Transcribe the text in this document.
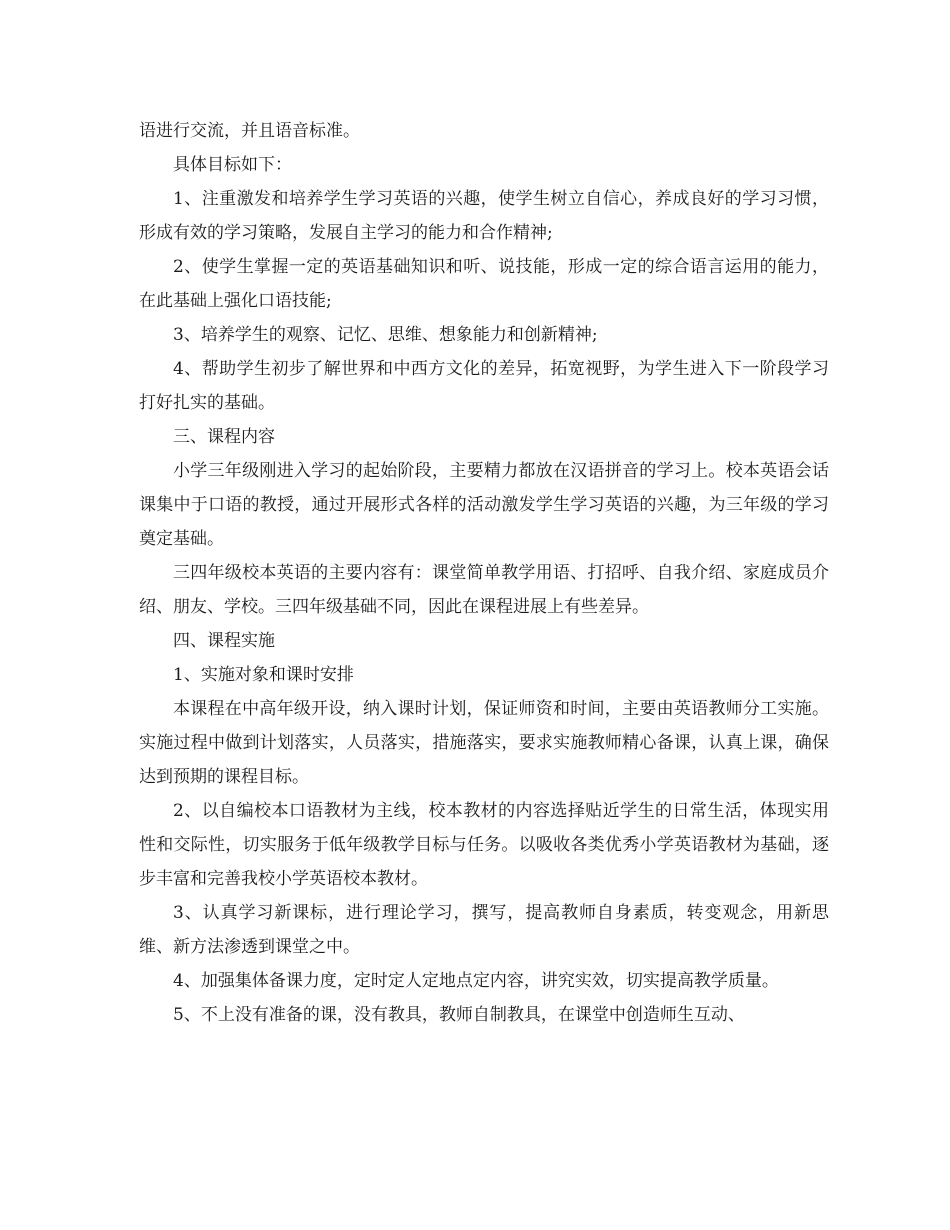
语进行交流，并且语音标准。

具体目标如下：

1、注重激发和培养学生学习英语的兴趣，使学生树立自信心，养成良好的学习习惯，形成有效的学习策略，发展自主学习的能力和合作精神;

2、使学生掌握一定的英语基础知识和听、说技能，形成一定的综合语言运用的能力，在此基础上强化口语技能;

3、培养学生的观察、记忆、思维、想象能力和创新精神;

4、帮助学生初步了解世界和中西方文化的差异，拓宽视野，为学生进入下一阶段学习打好扎实的基础。

三、课程内容

小学三年级刚进入学习的起始阶段，主要精力都放在汉语拼音的学习上。校本英语会话课集中于口语的教授，通过开展形式各样的活动激发学生学习英语的兴趣，为三年级的学习奠定基础。

三四年级校本英语的主要内容有：课堂简单教学用语、打招呼、自我介绍、家庭成员介绍、朋友、学校。三四年级基础不同，因此在课程进展上有些差异。

四、课程实施

1、实施对象和课时安排

本课程在中高年级开设，纳入课时计划，保证师资和时间，主要由英语教师分工实施。实施过程中做到计划落实，人员落实，措施落实，要求实施教师精心备课，认真上课，确保达到预期的课程目标。

2、以自编校本口语教材为主线，校本教材的内容选择贴近学生的日常生活，体现实用性和交际性，切实服务于低年级教学目标与任务。以吸收各类优秀小学英语教材为基础，逐步丰富和完善我校小学英语校本教材。

3、认真学习新课标，进行理论学习，撰写，提高教师自身素质，转变观念，用新思维、新方法渗透到课堂之中。

4、加强集体备课力度，定时定人定地点定内容，讲究实效，切实提高教学质量。

5、不上没有准备的课，没有教具，教师自制教具，在课堂中创造师生互动、
